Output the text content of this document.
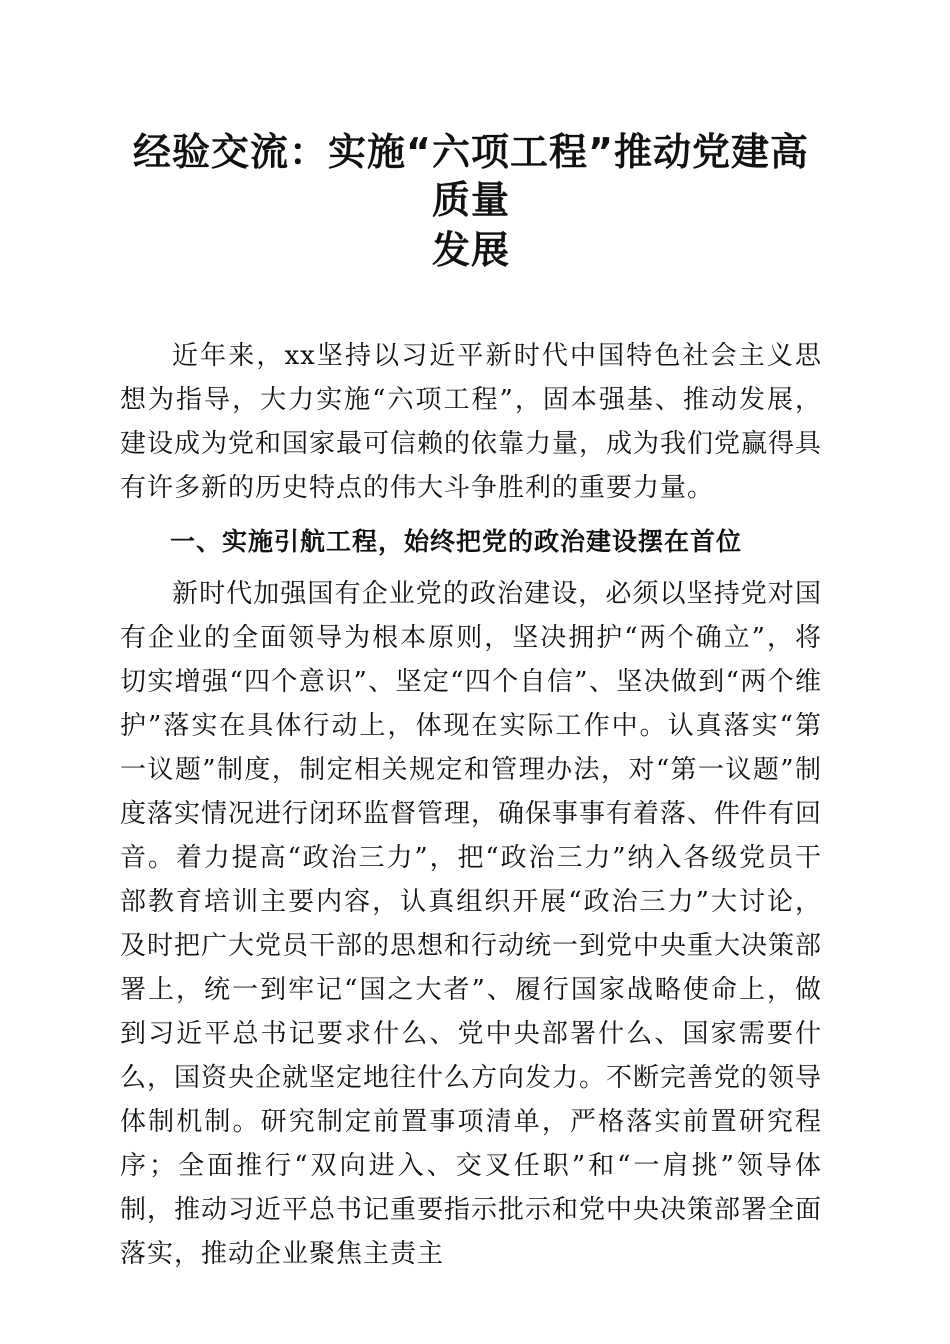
经验交流：实施“六项工程”推动党建高质量
发展

近年来，xx坚持以习近平新时代中国特色社会主义思想为指导，大力实施“六项工程”，固本强基、推动发展，建设成为党和国家最可信赖的依靠力量，成为我们党赢得具有许多新的历史特点的伟大斗争胜利的重要力量。

一、实施引航工程，始终把党的政治建设摆在首位

新时代加强国有企业党的政治建设，必须以坚持党对国有企业的全面领导为根本原则，坚决拥护“两个确立”，将切实增强“四个意识”、坚定“四个自信”、坚决做到“两个维护”落实在具体行动上，体现在实际工作中。认真落实“第一议题”制度，制定相关规定和管理办法，对“第一议题”制度落实情况进行闭环监督管理，确保事事有着落、件件有回音。着力提高“政治三力”，把“政治三力”纳入各级党员干部教育培训主要内容，认真组织开展“政治三力”大讨论，及时把广大党员干部的思想和行动统一到党中央重大决策部署上，统一到牢记“国之大者”、履行国家战略使命上，做到习近平总书记要求什么、党中央部署什么、国家需要什么，国资央企就坚定地往什么方向发力。不断完善党的领导体制机制。研究制定前置事项清单，严格落实前置研究程序；全面推行“双向进入、交叉任职”和“一肩挑”领导体制，推动习近平总书记重要指示批示和党中央决策部署全面落实，推动企业聚焦主责主
